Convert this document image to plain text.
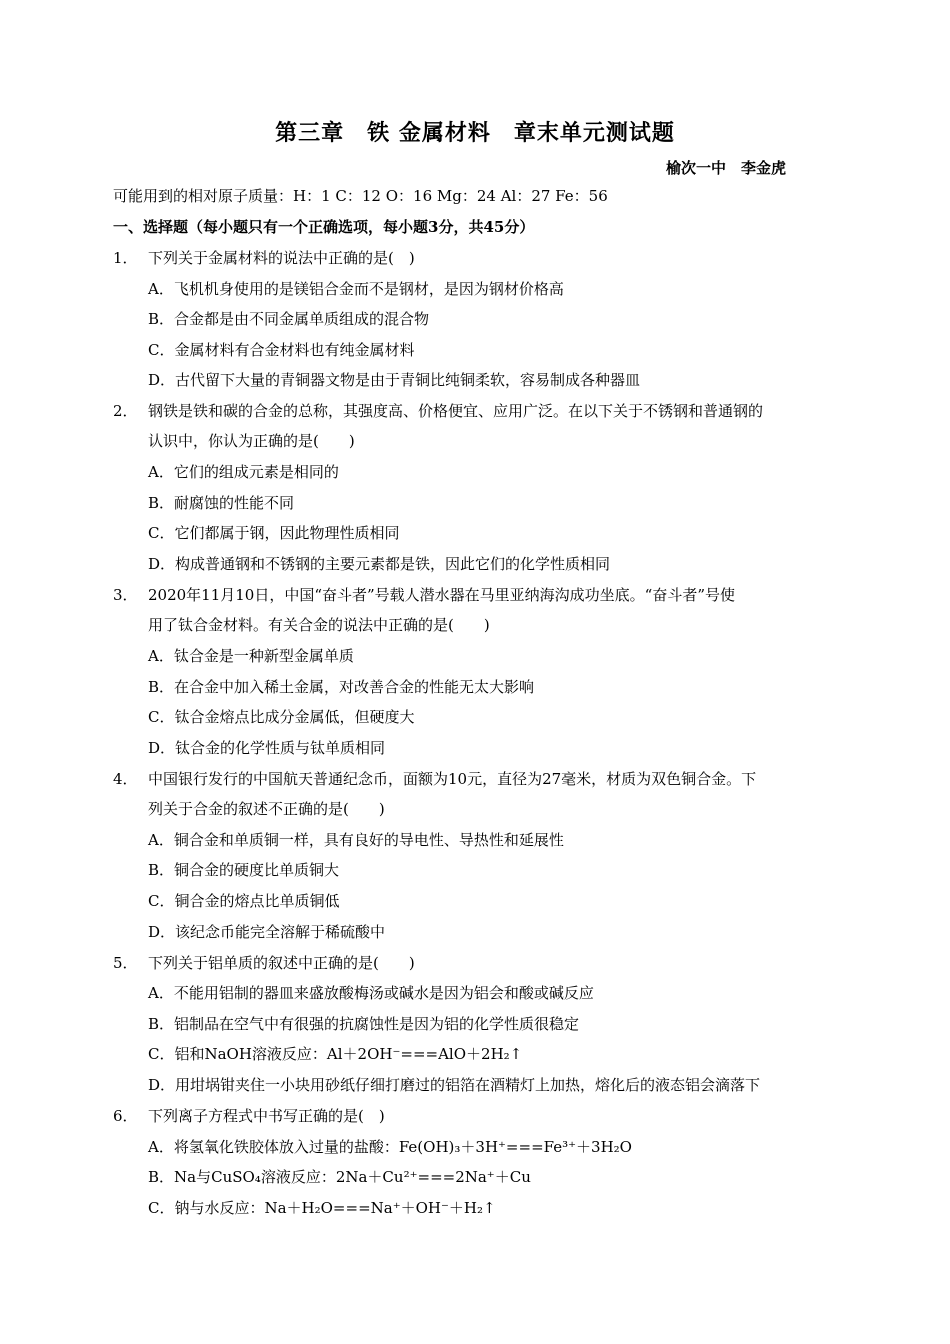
第三章　铁 金属材料　章末单元测试题
榆次一中　李金虎
可能用到的相对原子质量：H：1 C：12 O：16 Mg：24 Al：27 Fe：56
一、选择题（每小题只有一个正确选项，每小题3分，共45分）
1． 下列关于金属材料的说法中正确的是(　)
A．飞机机身使用的是镁铝合金而不是钢材，是因为钢材价格高
B．合金都是由不同金属单质组成的混合物
C．金属材料有合金材料也有纯金属材料
D．古代留下大量的青铜器文物是由于青铜比纯铜柔软，容易制成各种器皿
2． 钢铁是铁和碳的合金的总称，其强度高、价格便宜、应用广泛。在以下关于不锈钢和普通钢的
认识中，你认为正确的是(　　)
A．它们的组成元素是相同的
B．耐腐蚀的性能不同
C．它们都属于钢，因此物理性质相同
D．构成普通钢和不锈钢的主要元素都是铁，因此它们的化学性质相同
3． 2020年11月10日，中国“奋斗者”号载人潜水器在马里亚纳海沟成功坐底。“奋斗者”号使
用了钛合金材料。有关合金的说法中正确的是(　　)
A．钛合金是一种新型金属单质
B．在合金中加入稀土金属，对改善合金的性能无太大影响
C．钛合金熔点比成分金属低，但硬度大
D．钛合金的化学性质与钛单质相同
4． 中国银行发行的中国航天普通纪念币，面额为10元，直径为27毫米，材质为双色铜合金。下
列关于合金的叙述不正确的是(　　)
A．铜合金和单质铜一样，具有良好的导电性、导热性和延展性
B．铜合金的硬度比单质铜大
C．铜合金的熔点比单质铜低
D．该纪念币能完全溶解于稀硫酸中
5． 下列关于铝单质的叙述中正确的是(　　)
A．不能用铝制的器皿来盛放酸梅汤或碱水是因为铝会和酸或碱反应
B．铝制品在空气中有很强的抗腐蚀性是因为铝的化学性质很稳定
C．铝和NaOH溶液反应：Al＋2OH⁻===AlO＋2H₂↑
D．用坩埚钳夹住一小块用砂纸仔细打磨过的铝箔在酒精灯上加热，熔化后的液态铝会滴落下
6． 下列离子方程式中书写正确的是(　)
A．将氢氧化铁胶体放入过量的盐酸：Fe(OH)₃＋3H⁺===Fe³⁺＋3H₂O
B．Na与CuSO₄溶液反应：2Na＋Cu²⁺===2Na⁺＋Cu
C．钠与水反应：Na＋H₂O===Na⁺＋OH⁻＋H₂↑
